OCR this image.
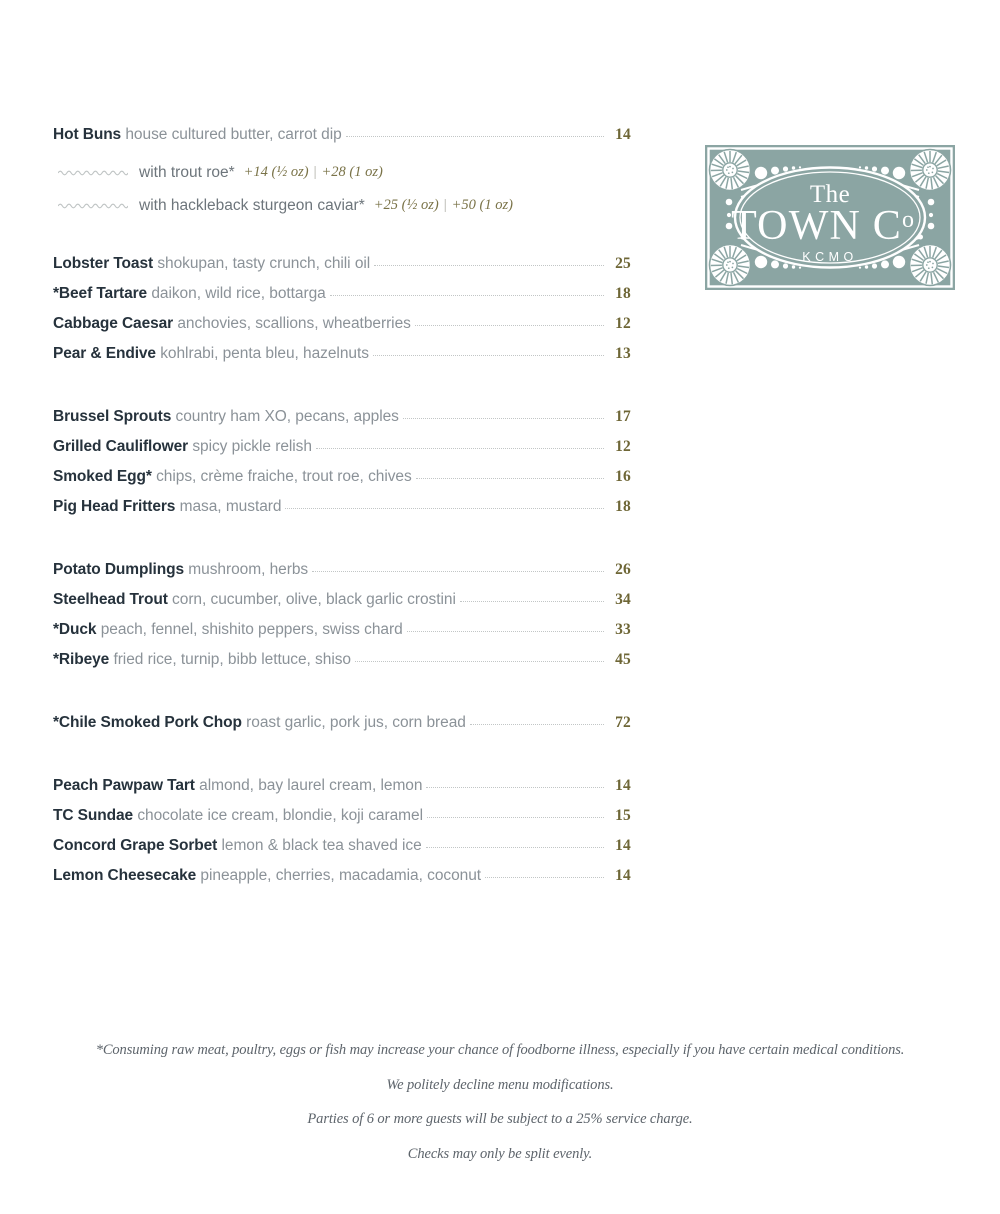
The
TOWN $C^o$.
KCMO
Hot Buns house cultured butter, carrot dip	14
with trout roe* +14 (½ oz) | +28 (1 oz)
with hackleback sturgeon caviar* +25 (½ oz) | +50 (1 oz)
Lobster Toast shokupan, tasty crunch, chili oil	25
*Beef Tartare daikon, wild rice, bottarga	18
Cabbage Caesar anchovies, scallions, wheatberries	12
Pear & Endive kohlrabi, penta bleu, hazelnuts	13
Brussel Sprouts country ham XO, pecans, apples	17
Grilled Cauliflower spicy pickle relish	12
Smoked Egg* chips, crème fraiche, trout roe, chives	16
Pig Head Fritters masa, mustard	18
Potato Dumplings mushroom, herbs	26
Steelhead Trout corn, cucumber, olive, black garlic crostini	34
*Duck peach, fennel, shishito peppers, swiss chard	33
*Ribeye fried rice, turnip, bibb lettuce, shiso	45
*Chile Smoked Pork Chop roast garlic, pork jus, corn bread	72
Peach Pawpaw Tart almond, bay laurel cream, lemon	14
TC Sundae chocolate ice cream, blondie, koji caramel	15
Concord Grape Sorbet lemon & black tea shaved ice	14
Lemon Cheesecake pineapple, cherries, macadamia, coconut	14
*Consuming raw meat, poultry, eggs or fish may increase your chance of foodborne illness, especially if you have certain medical conditions.
We politely decline menu modifications.
Parties of 6 or more guests will be subject to a 25% service charge.
Checks may only be split evenly.
